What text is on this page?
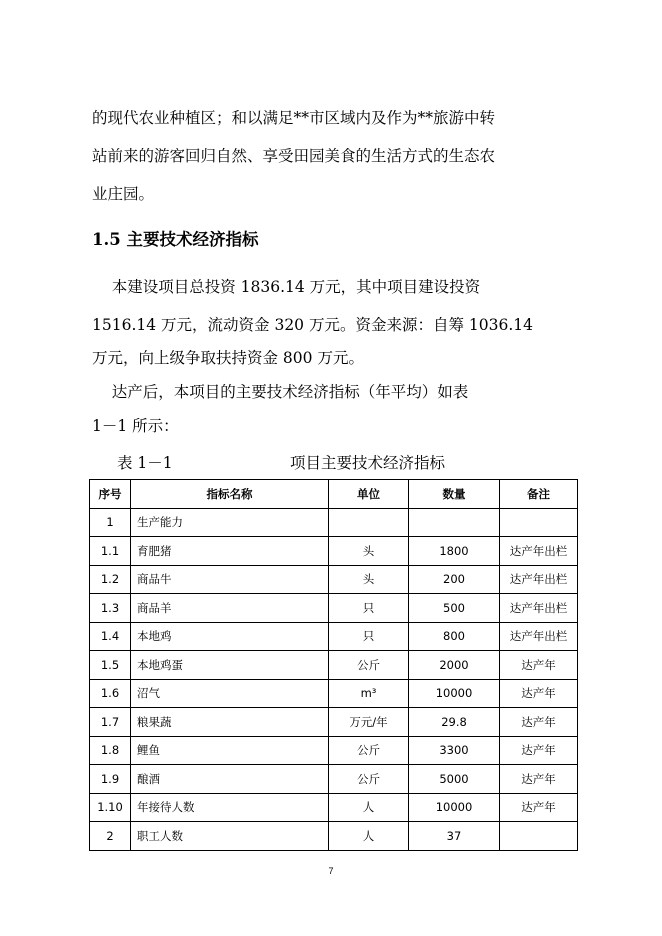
的现代农业种植区；和以满足**市区域内及作为**旅游中转

站前来的游客回归自然、享受田园美食的生活方式的生态农

业庄园。

1.5 主要技术经济指标

本建设项目总投资 1836.14 万元，其中项目建设投资

1516.14 万元，流动资金 320 万元。资金来源：自筹 1036.14

万元，向上级争取扶持资金 800 万元。

达产后，本项目的主要技术经济指标（年平均）如表

1－1 所示：

表 1－1	项目主要技术经济指标
序号	指标名称	单位	数量	备注
1	生产能力			
1.1	育肥猪	头	1800	达产年出栏
1.2	商品牛	头	200	达产年出栏
1.3	商品羊	只	500	达产年出栏
1.4	本地鸡	只	800	达产年出栏
1.5	本地鸡蛋	公斤	2000	达产年
1.6	沼气	m³	10000	达产年
1.7	粮果蔬	万元/年	29.8	达产年
1.8	鲤鱼	公斤	3300	达产年
1.9	酿酒	公斤	5000	达产年
1.10	年接待人数	人	10000	达产年
2	职工人数	人	37	
7
